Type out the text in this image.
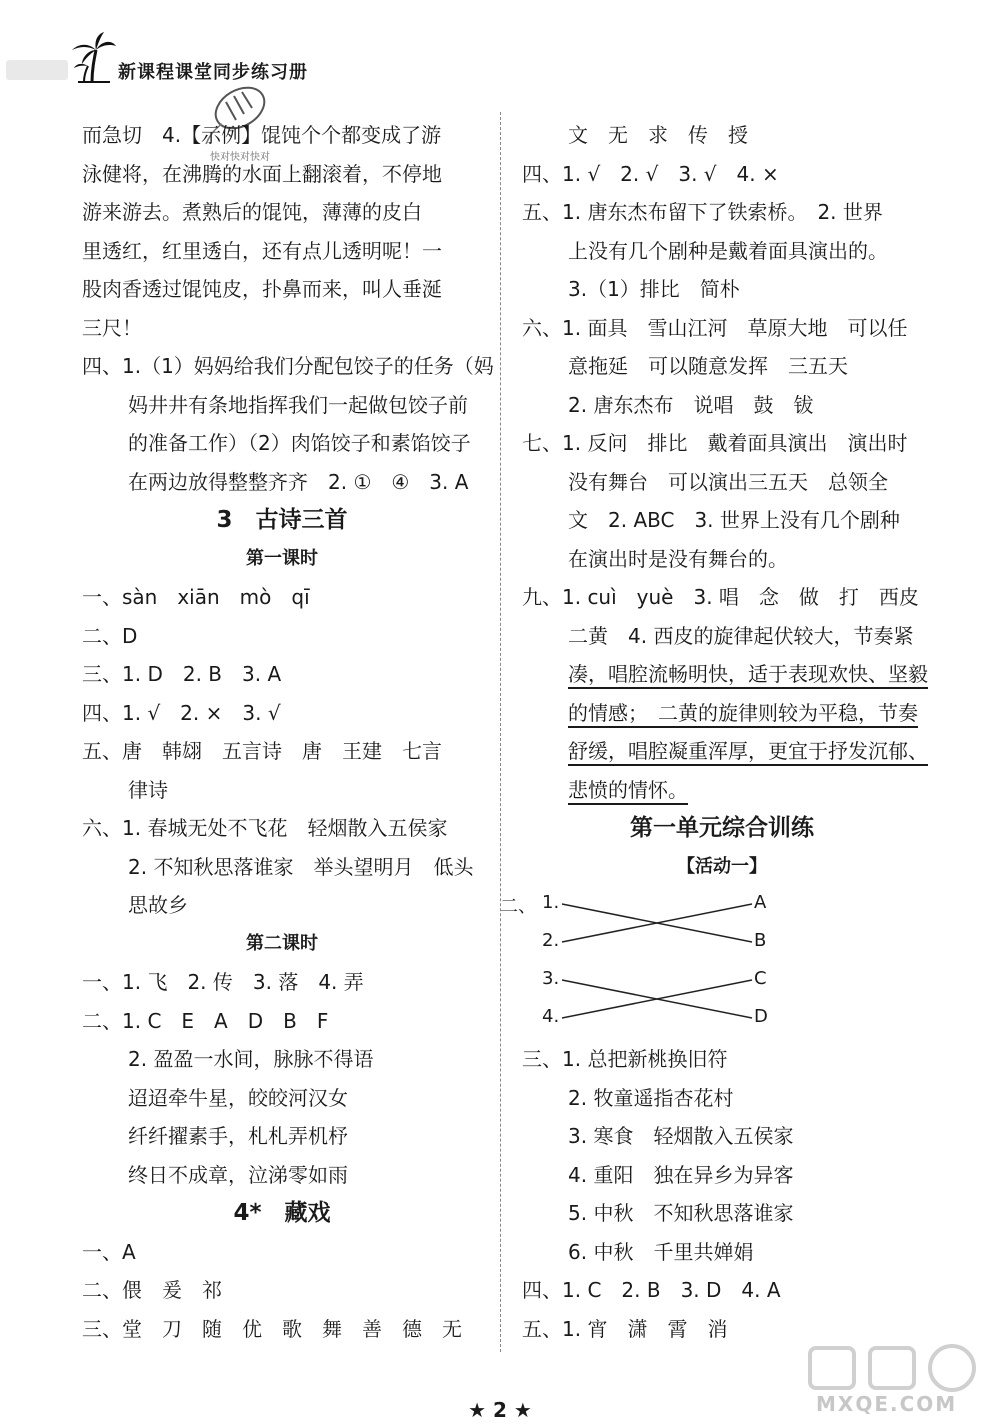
新课程课堂同步练习册
快对快对快对
而急切　4.【示例】馄饨个个都变成了游
泳健将，在沸腾的水面上翻滚着，不停地
游来游去。煮熟后的馄饨，薄薄的皮白
里透红，红里透白，还有点儿透明呢！一
股肉香透过馄饨皮，扑鼻而来，叫人垂涎
三尺！
四、1.（1）妈妈给我们分配包饺子的任务（妈
妈井井有条地指挥我们一起做包饺子前
的准备工作）（2）肉馅饺子和素馅饺子
在两边放得整整齐齐　2. ①　④　3. A
3　古诗三首
第一课时
一、sàn　xiān　mò　qī
二、D
三、1. D　2. B　3. A
四、1. √　2. ×　3. √
五、唐　韩翃　五言诗　唐　王建　七言
律诗
六、1. 春城无处不飞花　轻烟散入五侯家
2. 不知秋思落谁家　举头望明月　低头
思故乡
第二课时
一、1. 飞　2. 传　3. 落　4. 弄
二、1. C　E　A　D　B　F
2. 盈盈一水间，脉脉不得语
迢迢牵牛星，皎皎河汉女
纤纤擢素手，札札弄机杼
终日不成章，泣涕零如雨
4*　藏戏
一、A
二、偎　爰　祁
三、堂　刀　随　优　歌　舞　善　德　无
文　无　求　传　授
四、1. √　2. √　3. √　4. ×
五、1. 唐东杰布留下了铁索桥。　2. 世界
上没有几个剧种是戴着面具演出的。
3.（1）排比　简朴
六、1. 面具　雪山江河　草原大地　可以任
意拖延　可以随意发挥　三五天
2. 唐东杰布　说唱　鼓　钹
七、1. 反问　排比　戴着面具演出　演出时
没有舞台　可以演出三五天　总领全
文　2. ABC　3. 世界上没有几个剧种
在演出时是没有舞台的。
九、1. cuì　yuè　3. 唱　念　做　打　西皮
二黄　4. 西皮的旋律起伏较大，节奏紧
凑，唱腔流畅明快，适于表现欢快、坚毅
的情感；　二黄的旋律则较为平稳，节奏
舒缓，唱腔凝重浑厚，更宜于抒发沉郁、
悲愤的情怀。
第一单元综合训练
【活动一】
二、 1.
2.
3.
4.
A
B
C
D
三、1. 总把新桃换旧符
2. 牧童遥指杏花村
3. 寒食　轻烟散入五侯家
4. 重阳　独在异乡为异客
5. 中秋　不知秋思落谁家
6. 中秋　千里共婵娟
四、1. C　2. B　3. D　4. A
五、1. 宵　潇　霄　消
★ 2 ★	MXQE.COM
